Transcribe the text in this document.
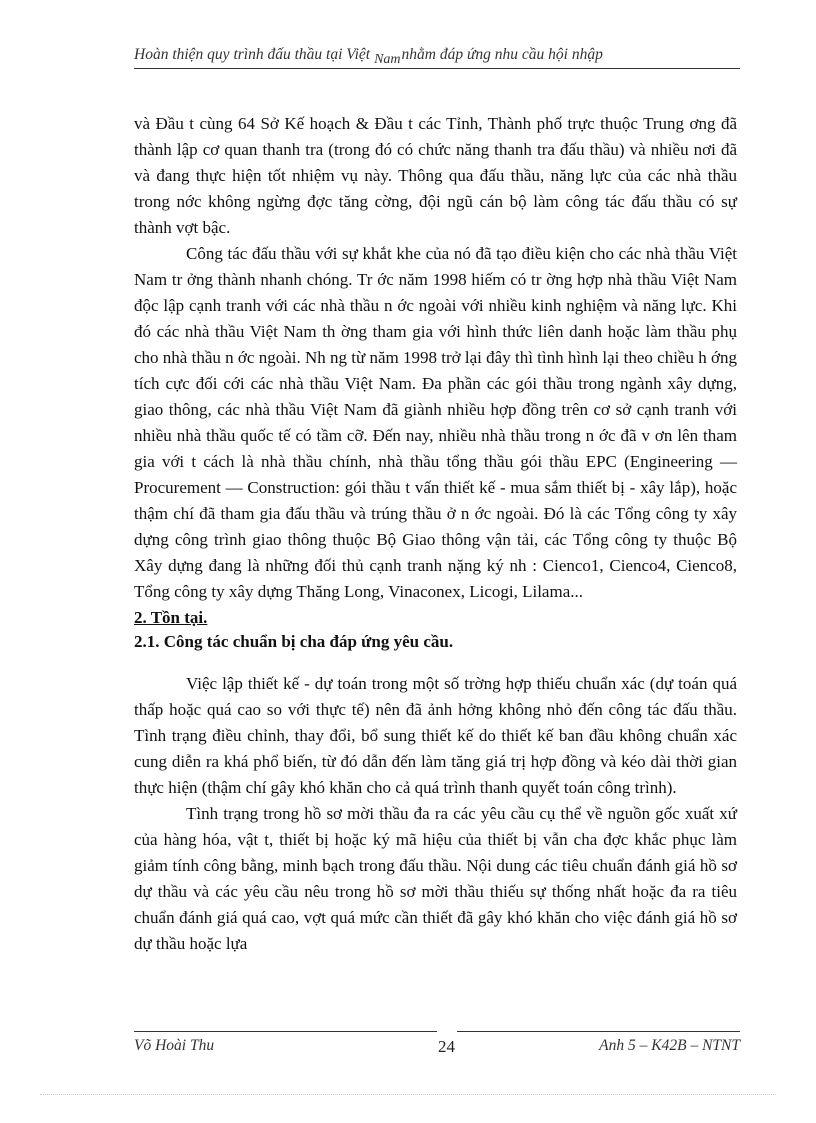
Hoàn thiện quy trình đấu thầu tại Việt Namnhằm đáp ứng nhu cầu hội nhập

và Đầu t cùng 64 Sở Kế hoạch & Đầu t các Tỉnh, Thành phố trực thuộc Trung ơng đã thành lập cơ quan thanh tra (trong đó có chức năng thanh tra đấu thầu) và nhiều nơi đã và đang thực hiện tốt nhiệm vụ này. Thông qua đấu thầu, năng lực của các nhà thầu trong nớc không ngừng đợc tăng cờng, đội ngũ cán bộ làm công tác đấu thầu có sự thành vợt bậc.

Công tác đấu thầu với sự khắt khe của nó đã tạo điều kiện cho các nhà thầu Việt Nam tr ởng thành nhanh chóng. Tr ớc năm 1998 hiếm có tr ờng hợp nhà thầu Việt Nam độc lập cạnh tranh với các nhà thầu n ớc ngoài với nhiều kinh nghiệm và năng lực. Khi đó các nhà thầu Việt Nam th ờng tham gia với hình thức liên danh hoặc làm thầu phụ cho nhà thầu n ớc ngoài. Nh ng từ năm 1998 trở lại đây thì tình hình lại theo chiều h ớng tích cực đối cới các nhà thầu Việt Nam. Đa phần các gói thầu trong ngành xây dựng, giao thông, các nhà thầu Việt Nam đã giành nhiều hợp đồng trên cơ sở cạnh tranh với nhiều nhà thầu quốc tế có tầm cỡ. Đến nay, nhiều nhà thầu trong n ớc đã v ơn lên tham gia với t cách là nhà thầu chính, nhà thầu tổng thầu gói thầu EPC (Engineering — Procurement — Construction: gói thầu t vấn thiết kế - mua sắm thiết bị - xây lắp), hoặc thậm chí đã tham gia đấu thầu và trúng thầu ở n ớc ngoài. Đó là các Tổng công ty xây dựng công trình giao thông thuộc Bộ Giao thông vận tải, các Tổng công ty thuộc Bộ Xây dựng đang là những đối thủ cạnh tranh nặng ký nh : Cienco1, Cienco4, Cienco8, Tổng công ty xây dựng Thăng Long, Vinaconex, Licogi, Lilama...

2. Tồn tại.
2.1. Công tác chuẩn bị cha đáp ứng yêu cầu.

Việc lập thiết kế - dự toán trong một số trờng hợp thiếu chuẩn xác (dự toán quá thấp hoặc quá cao so với thực tế) nên đã ảnh hởng không nhỏ đến công tác đấu thầu. Tình trạng điều chỉnh, thay đổi, bổ sung thiết kế do thiết kế ban đầu không chuẩn xác cung diễn ra khá phổ biến, từ đó dẫn đến làm tăng giá trị hợp đồng và kéo dài thời gian thực hiện (thậm chí gây khó khăn cho cả quá trình thanh quyết toán công trình).

Tình trạng trong hồ sơ mời thầu đa ra các yêu cầu cụ thể về nguồn gốc xuất xứ của hàng hóa, vật t, thiết bị hoặc ký mã hiệu của thiết bị vẫn cha đợc khắc phục làm giảm tính công bằng, minh bạch trong đấu thầu. Nội dung các tiêu chuẩn đánh giá hồ sơ dự thầu và các yêu cầu nêu trong hồ sơ mời thầu thiếu sự thống nhất hoặc đa ra tiêu chuẩn đánh giá quá cao, vợt quá mức cần thiết đã gây khó khăn cho việc đánh giá hồ sơ dự thầu hoặc lựa

Võ Hoài Thu	24	Anh 5 – K42B – NTNT
